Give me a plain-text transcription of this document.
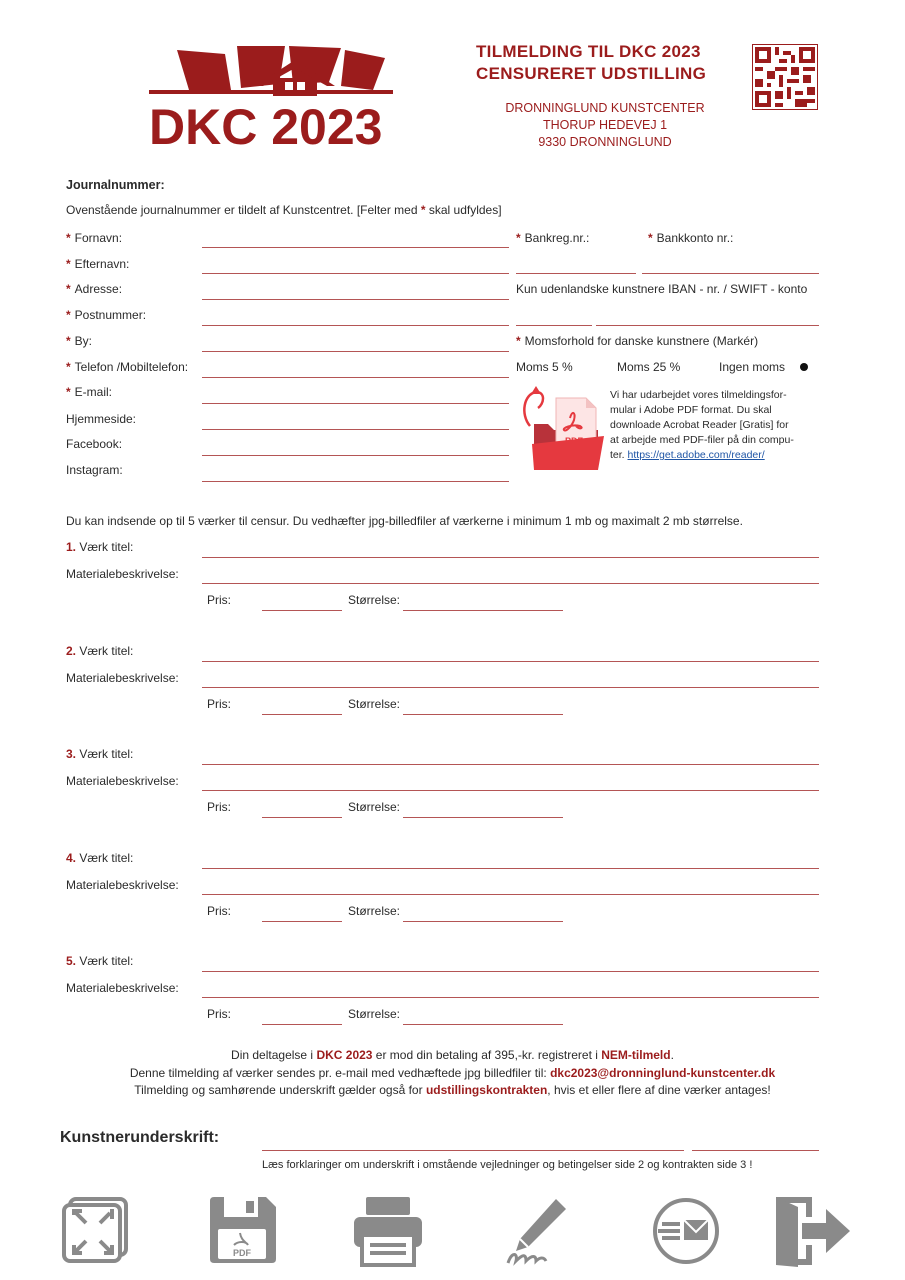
DKC 2023
TILMELDING TIL DKC 2023
CENSURERET UDSTILLING
DRONNINGLUND KUNSTCENTER
THORUP HEDEVEJ 1
9330 DRONNINGLUND
Journalnummer:
Ovenstående journalnummer er tildelt af Kunstcentret. [Felter med * skal udfyldes]
* Fornavn:
* Efternavn:
* Adresse:
* Postnummer:
* By:
* Telefon /Mobiltelefon:
* E-mail:
Hjemmeside:
Facebook:
Instagram:
* Bankreg.nr.:	* Bankkonto nr.:
Kun udenlandske kunstnere IBAN - nr. / SWIFT - konto
* Momsforhold for danske kunstnere (Markér)
Moms 5 %	Moms 25 %	Ingen moms
Vi har udarbejdet vores tilmeldingsfor-
mular i Adobe PDF format. Du skal
downloade Acrobat Reader [Gratis] for
at arbejde med PDF-filer på din compu-
ter. https://get.adobe.com/reader/
Du kan indsende op til 5 værker til censur. Du vedhæfter jpg-billedfiler af værkerne i minimum 1 mb og maximalt 2 mb størrelse.
1. Værk titel:
Materialebeskrivelse:
Pris:	Størrelse:
2. Værk titel:
Materialebeskrivelse:
Pris:	Størrelse:
3. Værk titel:
Materialebeskrivelse:
Pris:	Størrelse:
4. Værk titel:
Materialebeskrivelse:
Pris:	Størrelse:
5. Værk titel:
Materialebeskrivelse:
Pris:	Størrelse:
Din deltagelse i DKC 2023 er mod din betaling af 395,-kr. registreret i NEM-tilmeld.
Denne tilmelding af værker sendes pr. e-mail med vedhæftede jpg billedfiler til: dkc2023@dronninglund-kunstcenter.dk
Tilmelding og samhørende underskrift gælder også for udstillingskontrakten, hvis et eller flere af dine værker antages!
Kunstnerunderskrift:
Læs forklaringer om underskrift i omstående vejledninger og betingelser side 2 og kontrakten side 3 !
PDF
